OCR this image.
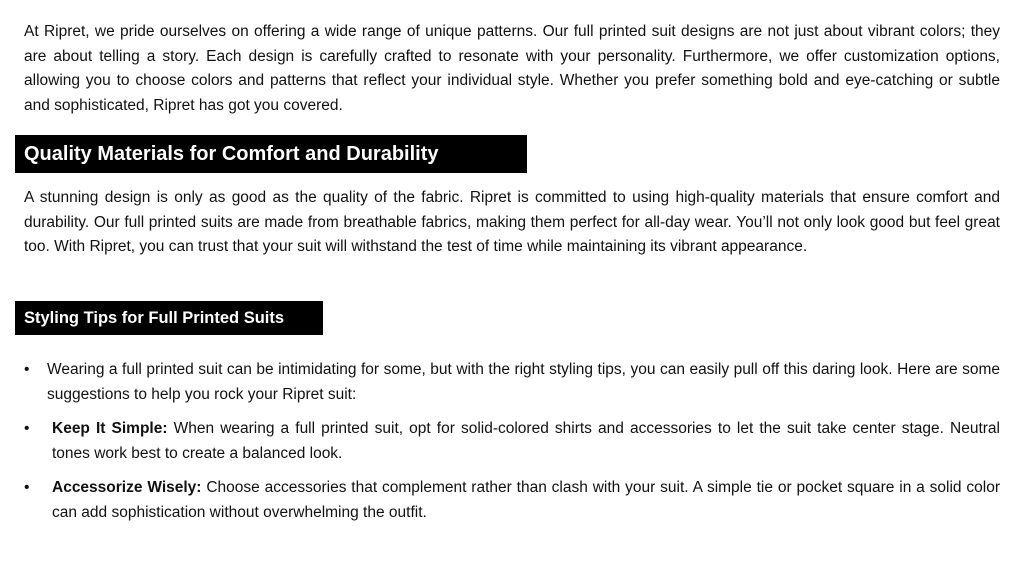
At Ripret, we pride ourselves on offering a wide range of unique patterns. Our full printed suit designs are not just about vibrant colors; they are about telling a story. Each design is carefully crafted to resonate with your personality. Furthermore, we offer customization options, allowing you to choose colors and patterns that reflect your individual style. Whether you prefer something bold and eye-catching or subtle and sophisticated, Ripret has got you covered.

Quality Materials for Comfort and Durability

A stunning design is only as good as the quality of the fabric. Ripret is committed to using high-quality materials that ensure comfort and durability. Our full printed suits are made from breathable fabrics, making them perfect for all-day wear. You’ll not only look good but feel great too. With Ripret, you can trust that your suit will withstand the test of time while maintaining its vibrant appearance.

Styling Tips for Full Printed Suits
• Wearing a full printed suit can be intimidating for some, but with the right styling tips, you can easily pull off this daring look. Here are some suggestions to help you rock your Ripret suit:
• Keep It Simple: When wearing a full printed suit, opt for solid-colored shirts and accessories to let the suit take center stage. Neutral tones work best to create a balanced look.
• Accessorize Wisely: Choose accessories that complement rather than clash with your suit. A simple tie or pocket square in a solid color can add sophistication without overwhelming the outfit.
